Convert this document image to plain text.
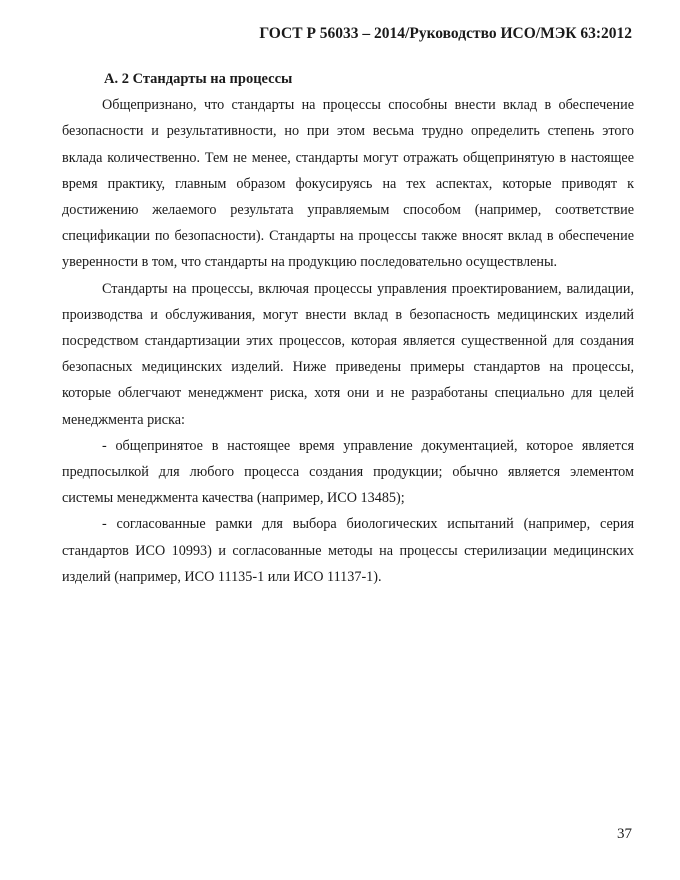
ГОСТ Р 56033 – 2014/Руководство ИСО/МЭК 63:2012

А. 2 Стандарты на процессы

Общепризнано, что стандарты на процессы способны внести вклад в обеспечение безопасности и результативности, но при этом весьма трудно определить степень этого вклада количественно. Тем не менее, стандарты могут отражать общепринятую в настоящее время практику, главным образом фокусируясь на тех аспектах, которые приводят к достижению желаемого результата управляемым способом (например, соответствие спецификации по безопасности). Стандарты на процессы также вносят вклад в обеспечение уверенности в том, что стандарты на продукцию последовательно осуществлены.

Стандарты на процессы, включая процессы управления проектированием, валидации, производства и обслуживания, могут внести вклад в безопасность медицинских изделий посредством стандартизации этих процессов, которая является существенной для создания безопасных медицинских изделий. Ниже приведены примеры стандартов на процессы, которые облегчают менеджмент риска, хотя они и не разработаны специально для целей менеджмента риска:

- общепринятое в настоящее время управление документацией, которое является предпосылкой для любого процесса создания продукции; обычно является элементом системы менеджмента качества (например, ИСО 13485);

- согласованные рамки для выбора биологических испытаний (например, серия стандартов ИСО 10993) и согласованные методы на процессы стерилизации медицинских изделий (например, ИСО 11135-1 или ИСО 11137-1).

37
